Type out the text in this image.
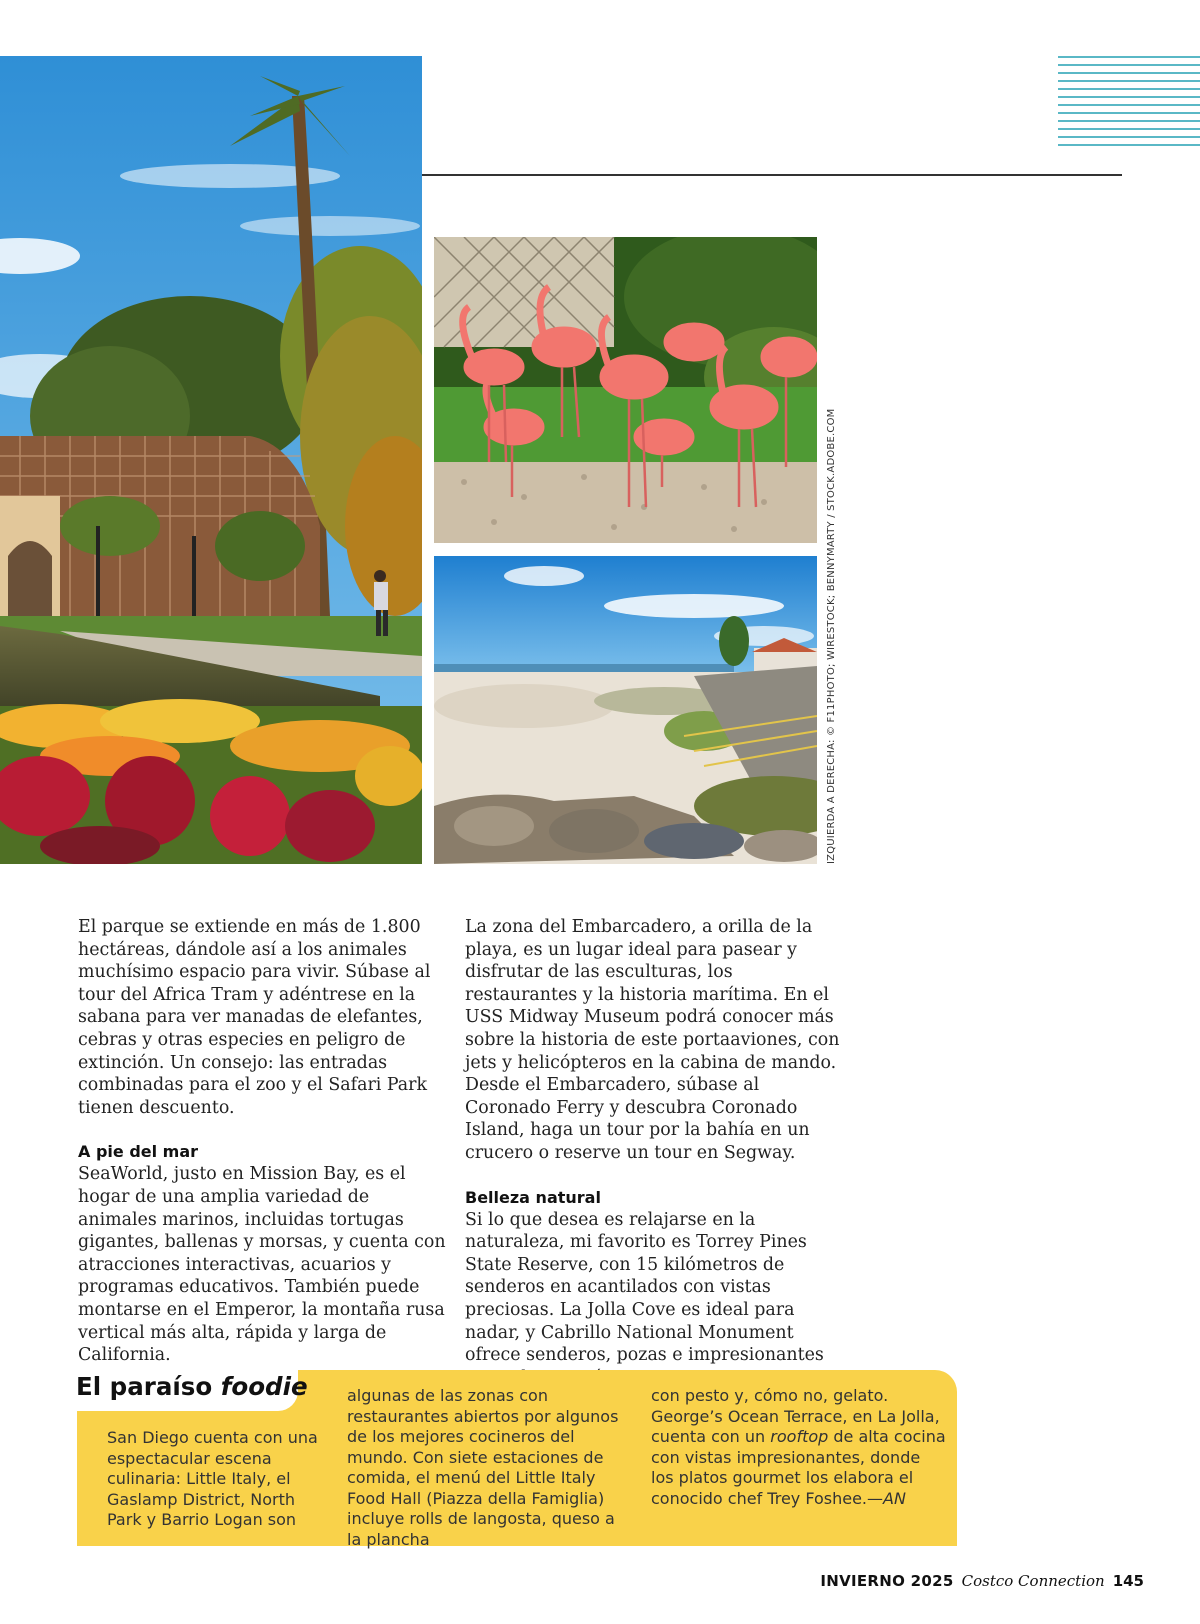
IZQUIERDA A DERECHA: © F11PHOTO; WIRESTOCK; BENNYMARTY / STOCK.ADOBE.COM

El parque se extiende en más de 1.800 hectáreas, dándole así a los animales muchísimo espacio para vivir. Súbase al tour del Africa Tram y adéntrese en la sabana para ver manadas de elefantes, cebras y otras especies en peligro de extinción. Un consejo: las entradas combinadas para el zoo y el Safari Park tienen descuento.

A pie del mar

SeaWorld, justo en Mission Bay, es el hogar de una amplia variedad de animales marinos, incluidas tortugas gigantes, ballenas y morsas, y cuenta con atracciones interactivas, acuarios y programas educativos. También puede montarse en el Emperor, la montaña rusa vertical más alta, rápida y larga de California.

La zona del Embarcadero, a orilla de la playa, es un lugar ideal para pasear y disfrutar de las esculturas, los restaurantes y la historia marítima. En el USS Midway Museum podrá conocer más sobre la historia de este portaaviones, con jets y helicópteros en la cabina de mando. Desde el Embarcadero, súbase al Coronado Ferry y descubra Coronado Island, haga un tour por la bahía en un crucero o reserve un tour en Segway.

Belleza natural

Si lo que desea es relajarse en la naturaleza, mi favorito es Torrey Pines State Reserve, con 15 kilómetros de senderos en acantilados con vistas preciosas. La Jolla Cove es ideal para nadar, y Cabrillo National Monument ofrece senderos, pozas e impresionantes

El paraíso foodie

San Diego cuenta con una espectacular escena culinaria: Little Italy, el Gaslamp District, North Park y Barrio Logan son

algunas de las zonas con restaurantes abiertos por algunos de los mejores cocineros del mundo. Con siete estaciones de comida, el menú del Little Italy Food Hall (Piazza della Famiglia) incluye rolls de langosta, queso a la plancha

con pesto y, cómo no, gelato. George’s Ocean Terrace, en La Jolla, cuenta con un rooftop de alta cocina con vistas impresionantes, donde los platos gourmet los elabora el conocido chef Trey Foshee.—AN

INVIERNO 2025 Costco Connection 145
